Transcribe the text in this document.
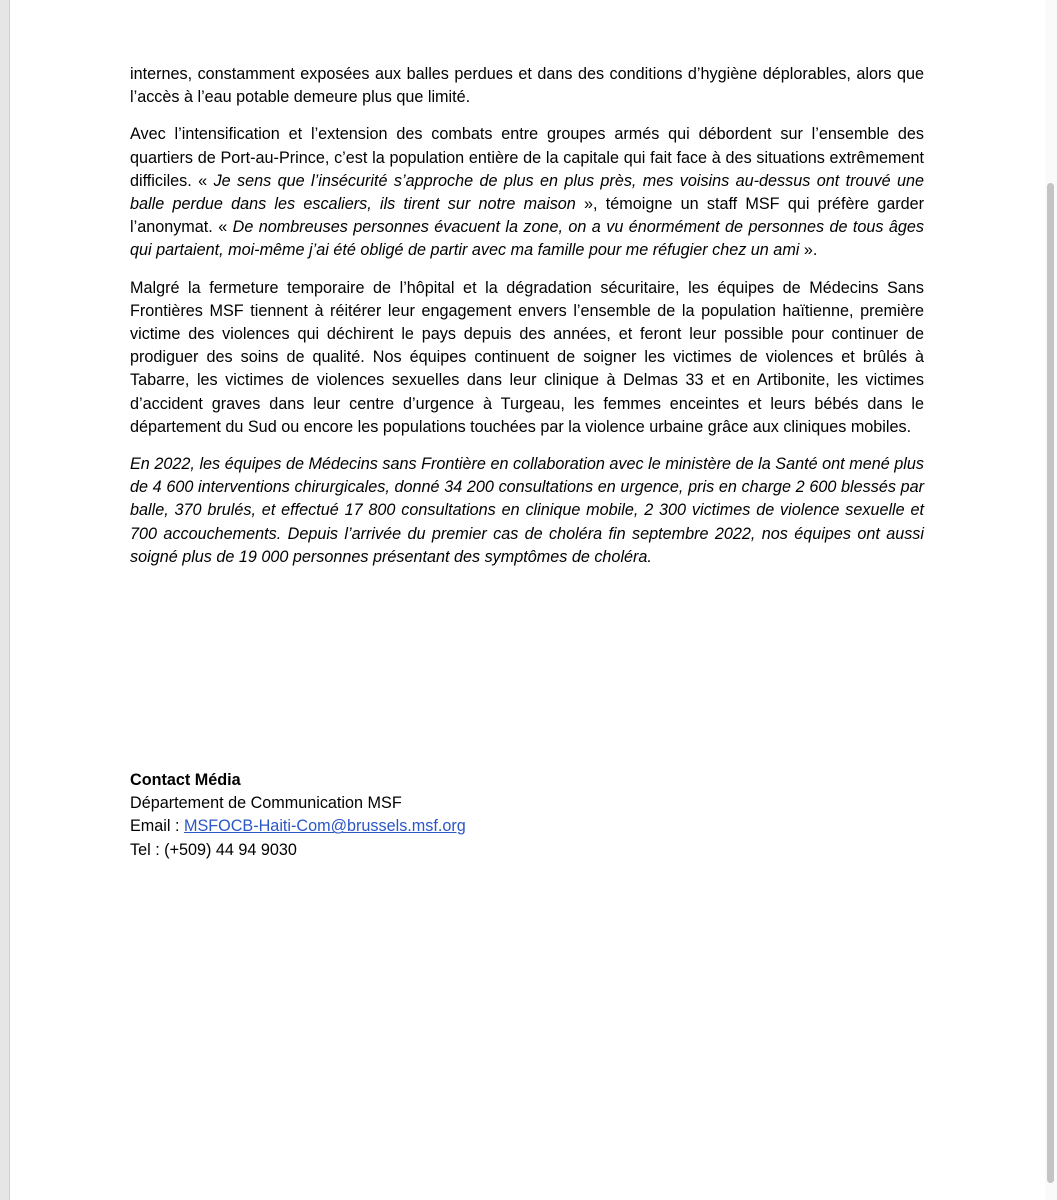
internes, constamment exposées aux balles perdues et dans des conditions d’hygiène déplorables, alors que l’accès à l’eau potable demeure plus que limité.

Avec l’intensification et l’extension des combats entre groupes armés qui débordent sur l’ensemble des quartiers de Port-au-Prince, c’est la population entière de la capitale qui fait face à des situations extrêmement difficiles. « Je sens que l’insécurité s’approche de plus en plus près, mes voisins au-dessus ont trouvé une balle perdue dans les escaliers, ils tirent sur notre maison », témoigne un staff MSF qui préfère garder l’anonymat. « De nombreuses personnes évacuent la zone, on a vu énormément de personnes de tous âges qui partaient, moi-même j’ai été obligé de partir avec ma famille pour me réfugier chez un ami ».

Malgré la fermeture temporaire de l’hôpital et la dégradation sécuritaire, les équipes de Médecins Sans Frontières MSF tiennent à réitérer leur engagement envers l’ensemble de la population haïtienne, première victime des violences qui déchirent le pays depuis des années, et feront leur possible pour continuer de prodiguer des soins de qualité. Nos équipes continuent de soigner les victimes de violences et brûlés à Tabarre, les victimes de violences sexuelles dans leur clinique à Delmas 33 et en Artibonite, les victimes d’accident graves dans leur centre d’urgence à Turgeau, les femmes enceintes et leurs bébés dans le département du Sud ou encore les populations touchées par la violence urbaine grâce aux cliniques mobiles.

En 2022, les équipes de Médecins sans Frontière en collaboration avec le ministère de la Santé ont mené plus de 4 600 interventions chirurgicales, donné 34 200 consultations en urgence, pris en charge 2 600 blessés par balle, 370 brulés, et effectué 17 800 consultations en clinique mobile, 2 300 victimes de violence sexuelle et 700 accouchements. Depuis l’arrivée du premier cas de choléra fin septembre 2022, nos équipes ont aussi soigné plus de 19 000 personnes présentant des symptômes de choléra.

Contact Média
Département de Communication MSF
Email : MSFOCB-Haiti-Com@brussels.msf.org
Tel : (+509) 44 94 9030
